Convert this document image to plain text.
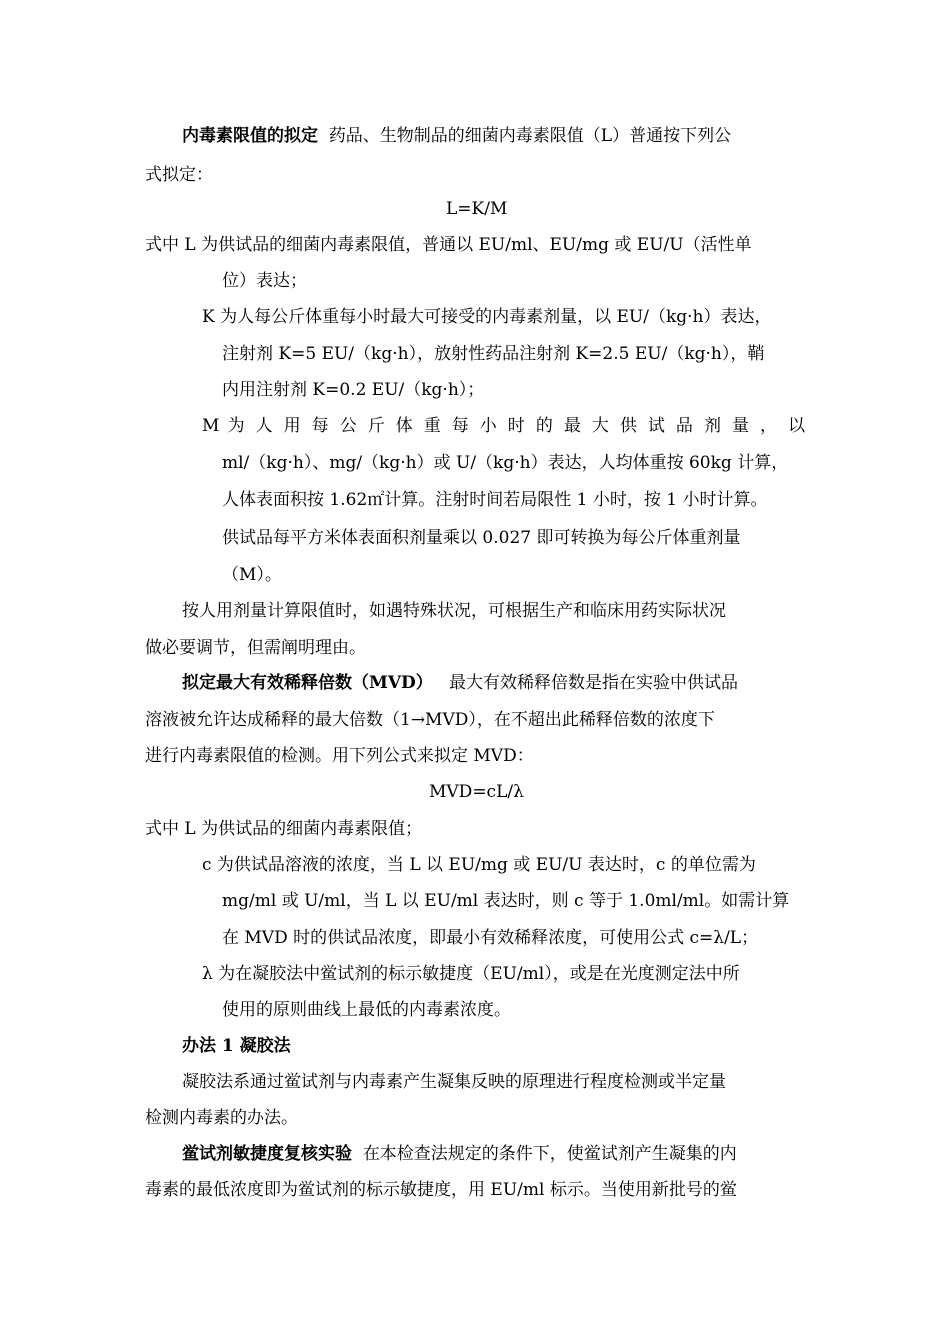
内毒素限值的拟定 药品、生物制品的细菌内毒素限值（L）普通按下列公
式拟定：
L=K/M
式中 L 为供试品的细菌内毒素限值，普通以 EU/ml、EU/mg 或 EU/U（活性单
位）表达；
K 为人每公斤体重每小时最大可接受的内毒素剂量，以 EU/（kg·h）表达，
注射剂 K=5 EU/（kg·h），放射性药品注射剂 K=2.5 EU/（kg·h），鞘
内用注射剂 K=0.2 EU/（kg·h）；
M 为 人 用 每 公 斤 体 重 每 小 时 的 最 大 供 试 品 剂 量 ， 以
ml/（kg·h）、mg/（kg·h）或 U/（kg·h）表达，人均体重按 60kg 计算，
人体表面积按 1.62㎡计算。注射时间若局限性 1 小时，按 1 小时计算。
供试品每平方米体表面积剂量乘以 0.027 即可转换为每公斤体重剂量
（M）。
按人用剂量计算限值时，如遇特殊状况，可根据生产和临床用药实际状况
做必要调节，但需阐明理由。
拟定最大有效稀释倍数（MVD） 最大有效稀释倍数是指在实验中供试品
溶液被允许达成稀释的最大倍数（1→MVD），在不超出此稀释倍数的浓度下
进行内毒素限值的检测。用下列公式来拟定 MVD：
MVD=cL/λ
式中 L 为供试品的细菌内毒素限值；
c 为供试品溶液的浓度，当 L 以 EU/mg 或 EU/U 表达时，c 的单位需为
mg/ml 或 U/ml，当 L 以 EU/ml 表达时，则 c 等于 1.0ml/ml。如需计算
在 MVD 时的供试品浓度，即最小有效稀释浓度，可使用公式 c=λ/L；
λ 为在凝胶法中鲎试剂的标示敏捷度（EU/ml），或是在光度测定法中所
使用的原则曲线上最低的内毒素浓度。
办法 1 凝胶法
凝胶法系通过鲎试剂与内毒素产生凝集反映的原理进行程度检测或半定量
检测内毒素的办法。
鲎试剂敏捷度复核实验 在本检查法规定的条件下，使鲎试剂产生凝集的内
毒素的最低浓度即为鲎试剂的标示敏捷度，用 EU/ml 标示。当使用新批号的鲎
